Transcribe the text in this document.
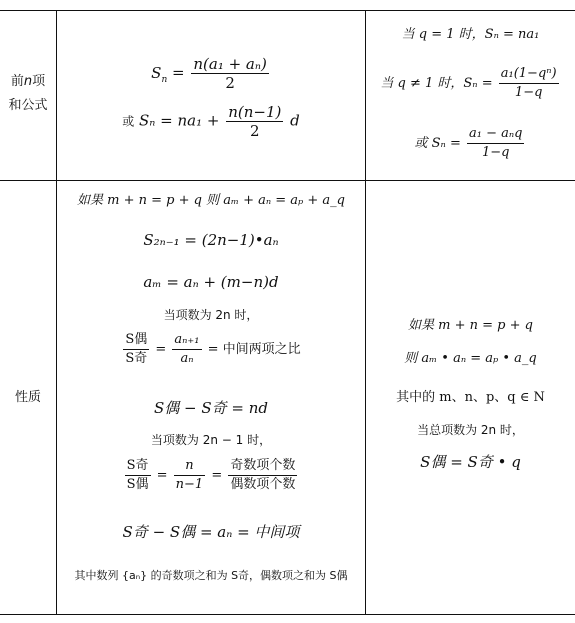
前n项
和公式
$S_n = \frac{\text{n(a₁ + aₙ)}}{2}$
或 $S_n = na_1 + \frac{n(n-1)}{2}$ d
当 q = 1 时，Sₙ = na₁
当 q ≠ 1 时，$S_n = \frac{\text{a₁(1−qⁿ)}}{1-q}$
或 $S_n = \frac{\text{a₁ − aₙq}}{1-q}$
性质
如果 m + n = p + q 则 aₘ + aₙ = aₚ + a_q
S₂ₙ₋₁ = (2n−1)•aₙ
aₘ = aₙ + (m−n)d
当项数为 2n 时，
$\frac{\text{S偶}}{\text{S奇}} = \frac{\text{aₙ₊₁}}{\text{aₙ}}$ = 中间两项之比
S偶 − S奇 = nd
当项数为 2n − 1 时，
$\frac{\text{S奇}}{\text{S偶}} = \frac{n}{n-1} = \frac{\text{奇数项个数}}{\text{偶数项个数}}$
S奇 − S偶 = aₙ = 中间项
其中数列 {aₙ} 的奇数项之和为 S奇，偶数项之和为 S偶
如果 m + n = p + q
则 aₘ • aₙ = aₚ • a_q
其中的 m、n、p、q ∈ N
当总项数为 2n 时，
S偶 = S奇 • q
